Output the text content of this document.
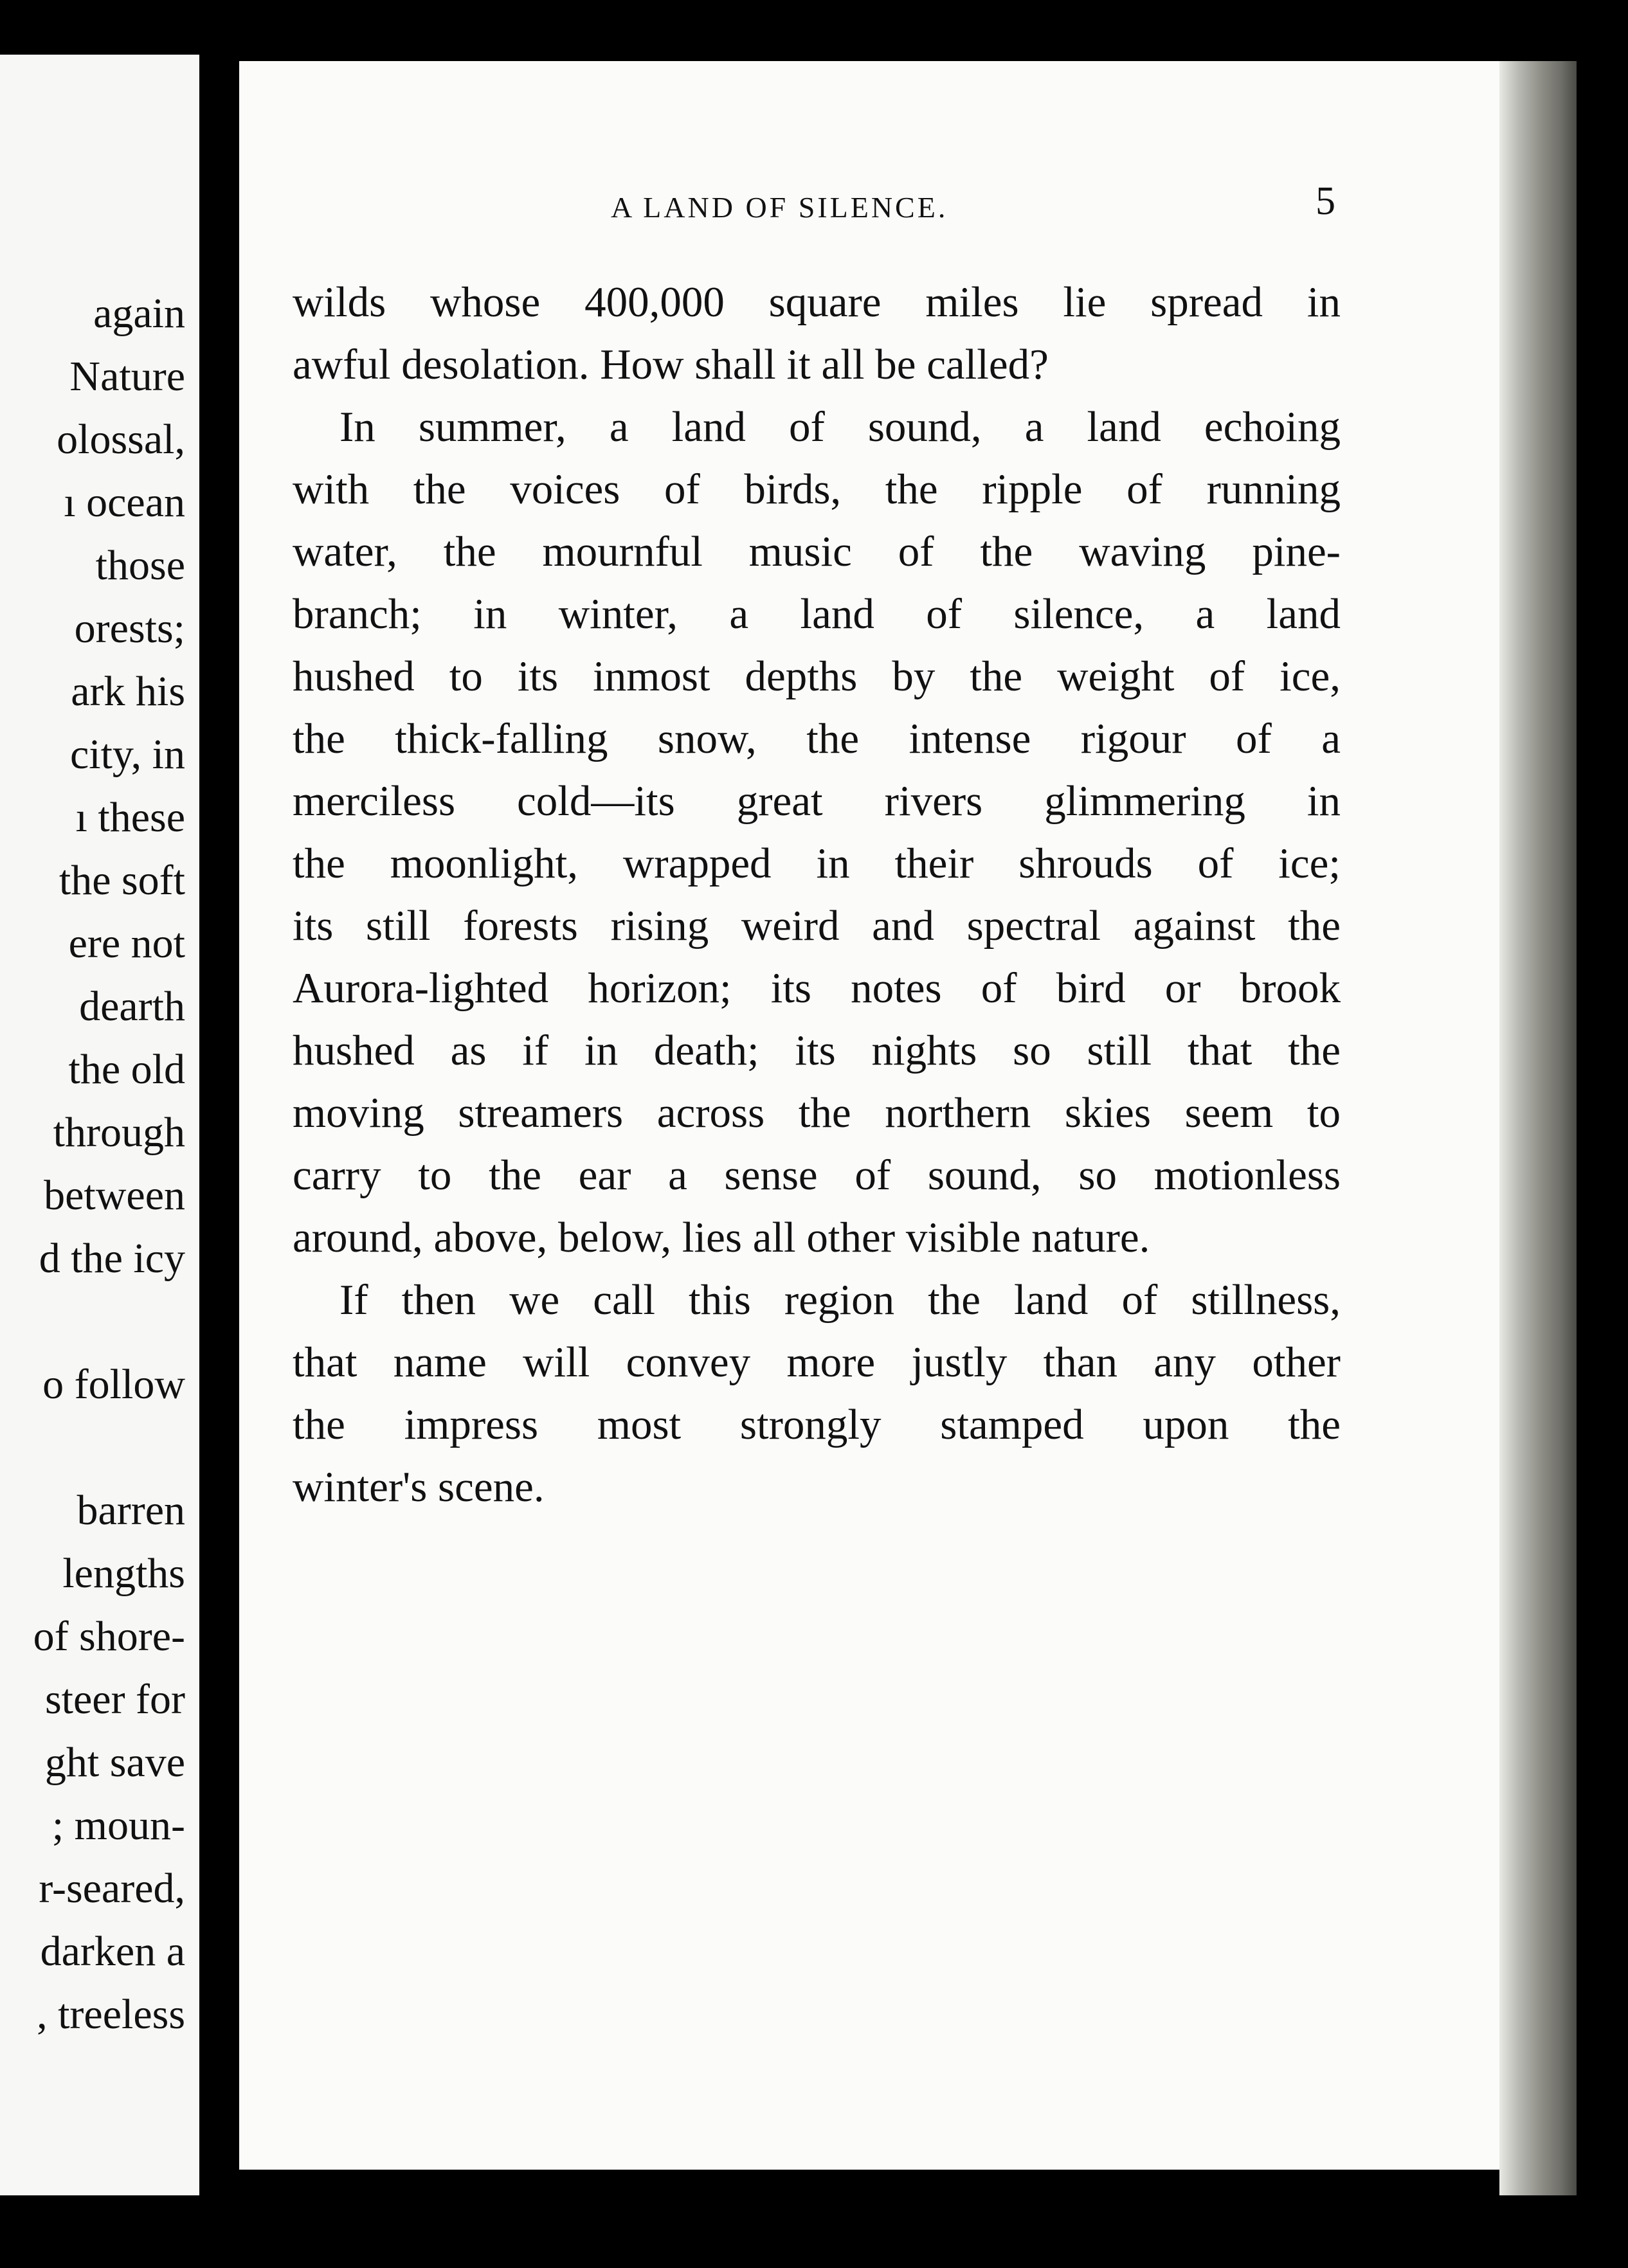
again
Nature
olossal,
ı ocean
those
orests;
ark his
city, in
ı these
the soft
ere not
dearth
the old
through
between
d the icy
o follow
barren
lengths
of shore-
steer for
ght save
; moun-
r-seared,
darken a
, treeless
A LAND OF SILENCE.	5
wilds whose 400,000 square miles lie spread in
awful desolation. How shall it all be called?
In summer, a land of sound, a land echoing
with the voices of birds, the ripple of running
water, the mournful music of the waving pine-
branch; in winter, a land of silence, a land
hushed to its inmost depths by the weight of ice,
the thick-falling snow, the intense rigour of a
merciless cold—its great rivers glimmering in
the moonlight, wrapped in their shrouds of ice;
its still forests rising weird and spectral against the
Aurora-lighted horizon; its notes of bird or brook
hushed as if in death; its nights so still that the
moving streamers across the northern skies seem to
carry to the ear a sense of sound, so motionless
around, above, below, lies all other visible nature.
If then we call this region the land of stillness,
that name will convey more justly than any other
the impress most strongly stamped upon the
winter's scene.
